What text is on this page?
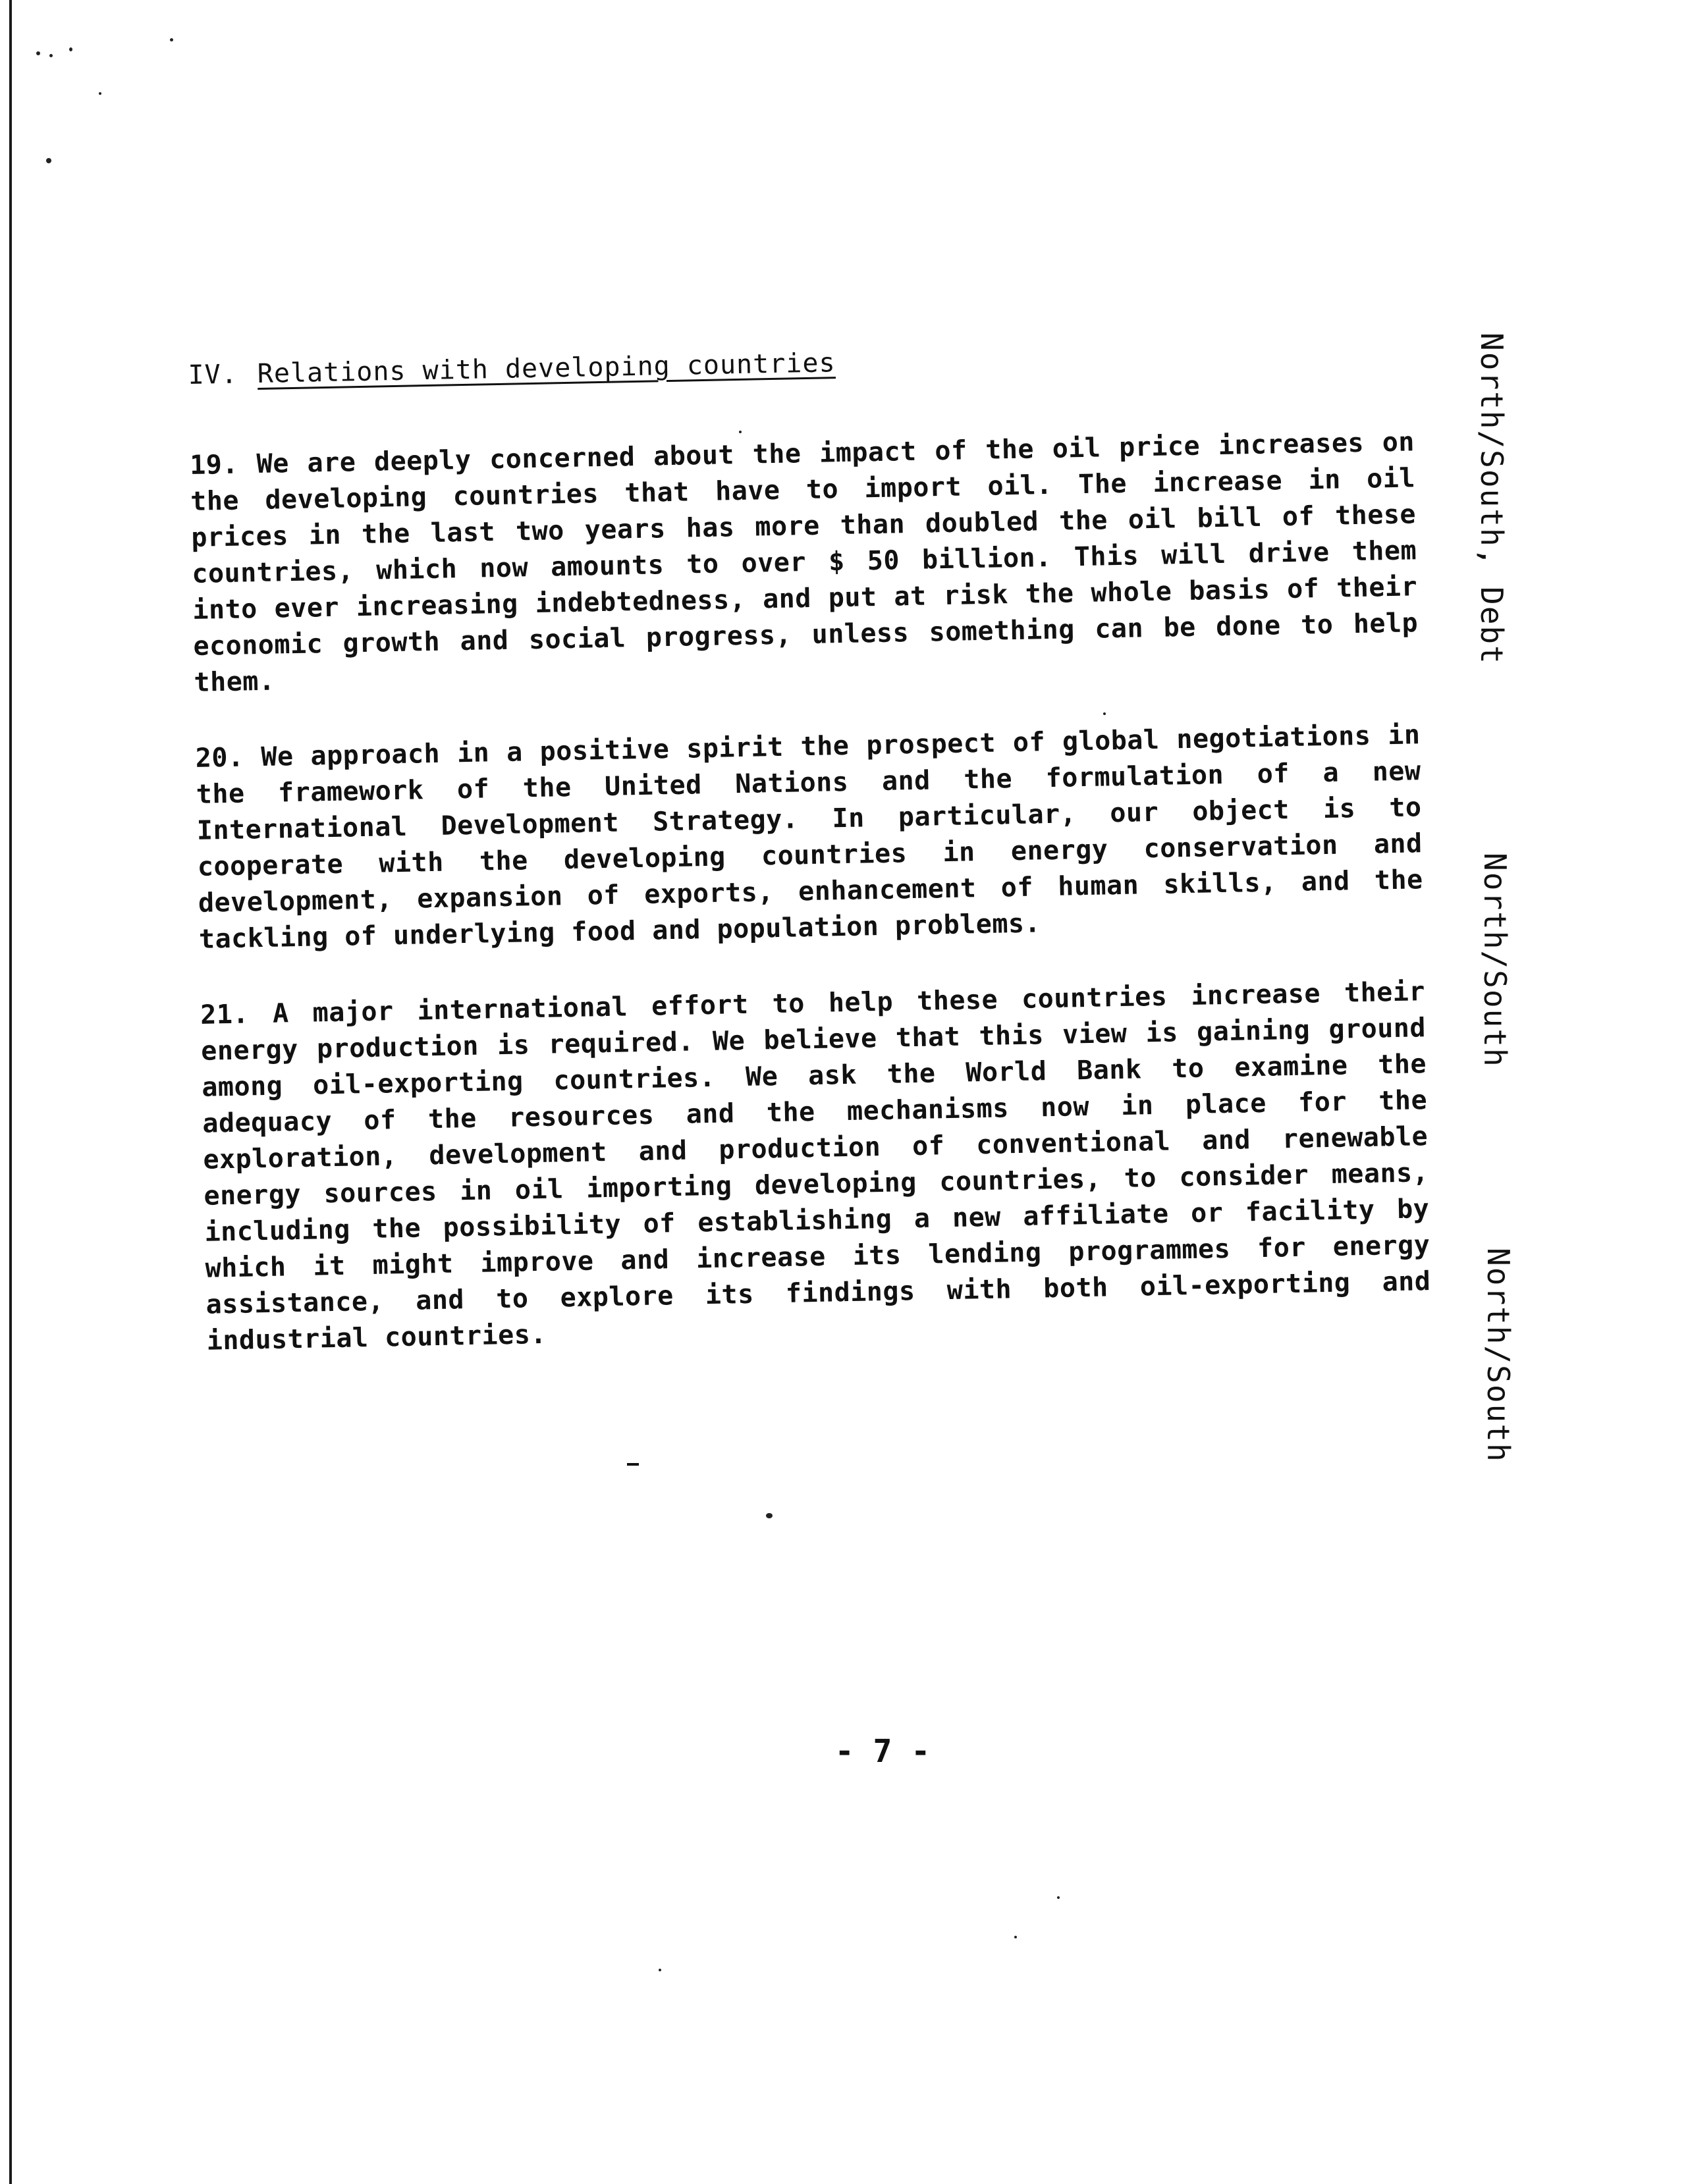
IV. Relations with developing countries

19. We are deeply concerned about the impact of the oil price increases on the developing countries that have to import oil. The increase in oil prices in the last two years has more than doubled the oil bill of these countries, which now amounts to over $ 50 billion. This will drive them into ever increasing indebtedness, and put at risk the whole basis of their economic growth and social progress, unless something can be done to help them.

20. We approach in a positive spirit the prospect of global negotiations in the framework of the United Nations and the formulation of a new International Development Strategy. In particular, our object is to cooperate with the developing countries in energy conservation and development, expansion of exports, enhancement of human skills, and the tackling of underlying food and population problems.

21. A major international effort to help these countries increase their energy production is required. We believe that this view is gaining ground among oil-exporting countries. We ask the World Bank to examine the adequacy of the resources and the mechanisms now in place for the exploration, development and production of conventional and renewable energy sources in oil importing developing countries, to consider means, including the possibility of establishing a new affiliate or facility by which it might improve and increase its lending programmes for energy assistance, and to explore its findings with both oil-exporting and industrial countries.

North/South, Debt
North/South
North/South
- 7 -
